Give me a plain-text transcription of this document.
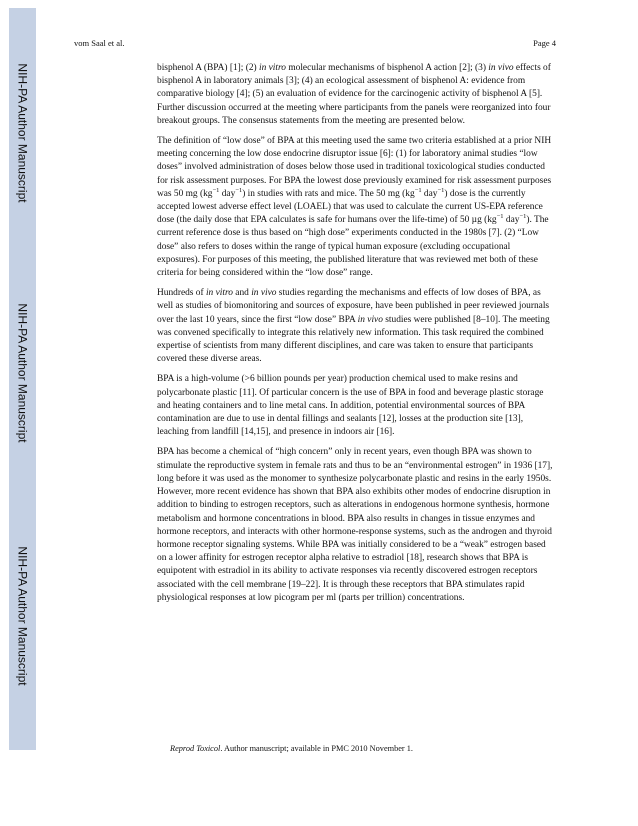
NIH-PA Author Manuscript
NIH-PA Author Manuscript
NIH-PA Author Manuscript
vom Saal et al.	Page 4

bisphenol A (BPA) [1]; (2) in vitro molecular mechanisms of bisphenol A action [2]; (3) in vivo effects of bisphenol A in laboratory animals [3]; (4) an ecological assessment of bisphenol A: evidence from comparative biology [4]; (5) an evaluation of evidence for the carcinogenic activity of bisphenol A [5]. Further discussion occurred at the meeting where participants from the panels were reorganized into four breakout groups. The consensus statements from the meeting are presented below.

The definition of “low dose” of BPA at this meeting used the same two criteria established at a prior NIH meeting concerning the low dose endocrine disruptor issue [6]: (1) for laboratory animal studies “low doses” involved administration of doses below those used in traditional toxicological studies conducted for risk assessment purposes. For BPA the lowest dose previously examined for risk assessment purposes was 50 mg ($kg^{-1}$ day$^{-1}$) in studies with rats and mice. The 50 mg ($kg^{-1}$ day$^{-1}$) dose is the currently accepted lowest adverse effect level (LOAEL) that was used to calculate the current US-EPA reference dose (the daily dose that EPA calculates is safe for humans over the life-time) of 50 µg ($kg^{-1}$ day$^{-1}$). The current reference dose is thus based on “high dose” experiments conducted in the 1980s [7]. (2) “Low dose” also refers to doses within the range of typical human exposure (excluding occupational exposures). For purposes of this meeting, the published literature that was reviewed met both of these criteria for being considered within the “low dose” range.

Hundreds of in vitro and in vivo studies regarding the mechanisms and effects of low doses of BPA, as well as studies of biomonitoring and sources of exposure, have been published in peer reviewed journals over the last 10 years, since the first “low dose” BPA in vivo studies were published [8–10]. The meeting was convened specifically to integrate this relatively new information. This task required the combined expertise of scientists from many different disciplines, and care was taken to ensure that participants covered these diverse areas.

BPA is a high-volume (>6 billion pounds per year) production chemical used to make resins and polycarbonate plastic [11]. Of particular concern is the use of BPA in food and beverage plastic storage and heating containers and to line metal cans. In addition, potential environmental sources of BPA contamination are due to use in dental fillings and sealants [12], losses at the production site [13], leaching from landfill [14,15], and presence in indoors air [16].

BPA has become a chemical of “high concern” only in recent years, even though BPA was shown to stimulate the reproductive system in female rats and thus to be an “environmental estrogen” in 1936 [17], long before it was used as the monomer to synthesize polycarbonate plastic and resins in the early 1950s. However, more recent evidence has shown that BPA also exhibits other modes of endocrine disruption in addition to binding to estrogen receptors, such as alterations in endogenous hormone synthesis, hormone metabolism and hormone concentrations in blood. BPA also results in changes in tissue enzymes and hormone receptors, and interacts with other hormone-response systems, such as the androgen and thyroid hormone receptor signaling systems. While BPA was initially considered to be a “weak” estrogen based on a lower affinity for estrogen receptor alpha relative to estradiol [18], research shows that BPA is equipotent with estradiol in its ability to activate responses via recently discovered estrogen receptors associated with the cell membrane [19–22]. It is through these receptors that BPA stimulates rapid physiological responses at low picogram per ml (parts per trillion) concentrations.

Reprod Toxicol. Author manuscript; available in PMC 2010 November 1.
